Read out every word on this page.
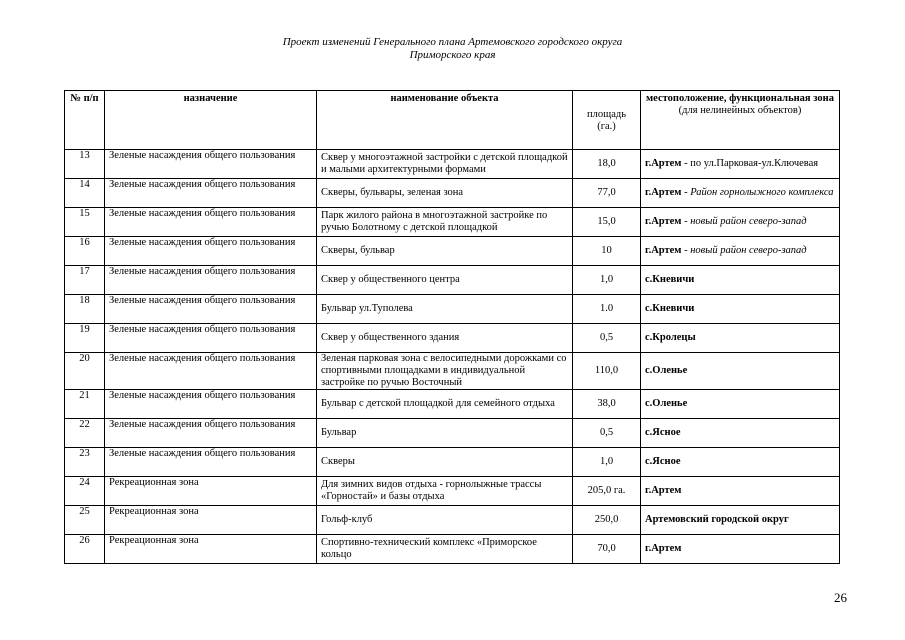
Проект изменений Генерального плана Артемовского городского округа
Приморского края
№ п/п	назначение	наименование объекта	площадь (га.)	местоположение, функциональная зона
(для нелинейных объектов)

13	Зеленые насаждения общего пользования	Сквер у многоэтажной застройки с детской площадкой и малыми архитектурными формами	18,0	г.Артем - по ул.Парковая-ул.Ключевая
14	Зеленые насаждения общего пользования	Скверы, бульвары, зеленая зона	77,0	г.Артем - Район горнолыжного комплекса
15	Зеленые насаждения общего пользования	Парк жилого района в многоэтажной застройке по ручью Болотному с детской площадкой	15,0	г.Артем - новый район северо-запад
16	Зеленые насаждения общего пользования	Скверы, бульвар	10	г.Артем - новый район северо-запад
17	Зеленые насаждения общего пользования	Сквер у общественного центра	1,0	с.Кневичи
18	Зеленые насаждения общего пользования	Бульвар ул.Туполева	1.0	с.Кневичи
19	Зеленые насаждения общего пользования	Сквер у общественного здания	0,5	с.Кролецы
20	Зеленые насаждения общего пользования	Зеленая парковая зона с велосипедными дорожками со спортивными площадками в индивидуальной застройке по ручью Восточный	110,0	с.Оленье
21	Зеленые насаждения общего пользования	Бульвар с детской площадкой для семейного отдыха	38,0	с.Оленье
22	Зеленые насаждения общего пользования	Бульвар	0,5	с.Ясное
23	Зеленые насаждения общего пользования	Скверы	1,0	с.Ясное
24	Рекреационная зона	Для зимних видов отдыха - горнолыжные трассы «Горностай» и базы отдыха	205,0 га.	г.Артем
25	Рекреационная зона	Гольф-клуб	250,0	Артемовский городской округ
26	Рекреационная зона	Спортивно-технический комплекс «Приморское кольцо	70,0	г.Артем
26
